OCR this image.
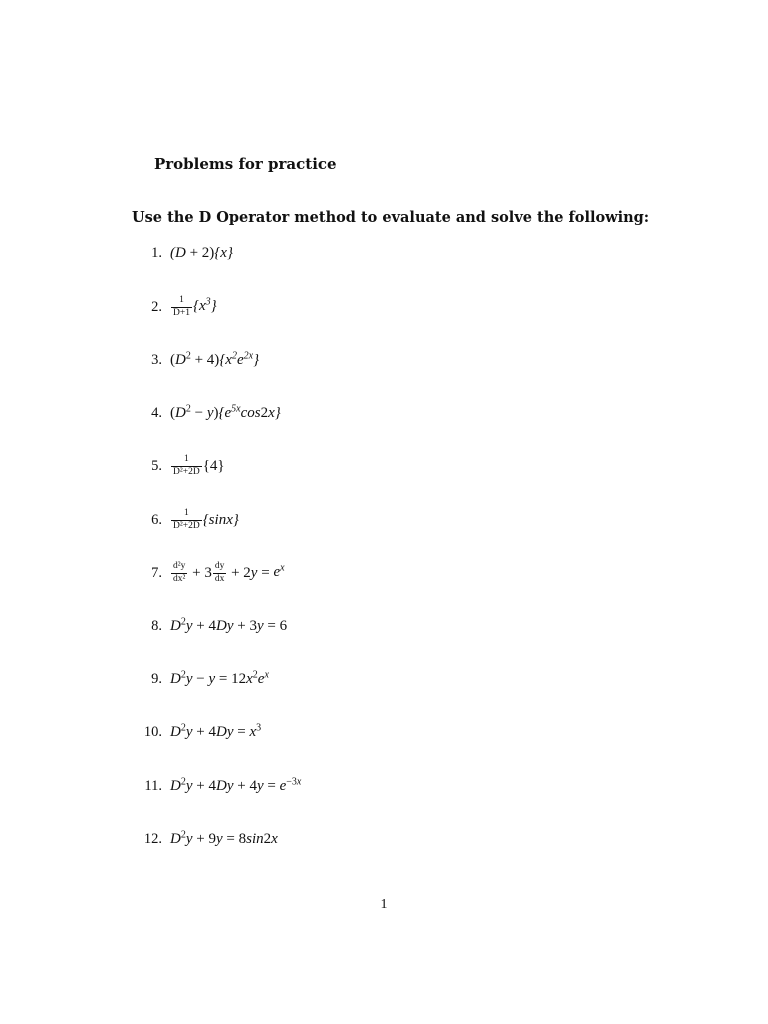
Problems for practice
Use the D Operator method to evaluate and solve the following:
1. (D + 2){x}
2. $\frac{1}{D+1} \{x^3\}$
3. $(D^2 + 4)\{x^2e^{2x}\}$
4. $(D^2 - y)\{e^{5x}\cos 2x\}$
5. $\frac{1}{\text{D²+2D}} \{4\}$
6. $\frac{1}{\text{D²+2D}} \{\sin x\}$
7. $\frac{\text{d²y}}{\text{dx²}} + 3 \frac{dy}{dx} + 2y = e^x$
8. $D^2y + 4Dy + 3y = 6$
9. $D^2y - y = 12x^2e^x$
10. $D^2y + 4Dy = x^3$
11. $D^2y + 4Dy + 4y = e^{-3x}$
12. $D^2y + 9y = 8\sin 2x$
1
